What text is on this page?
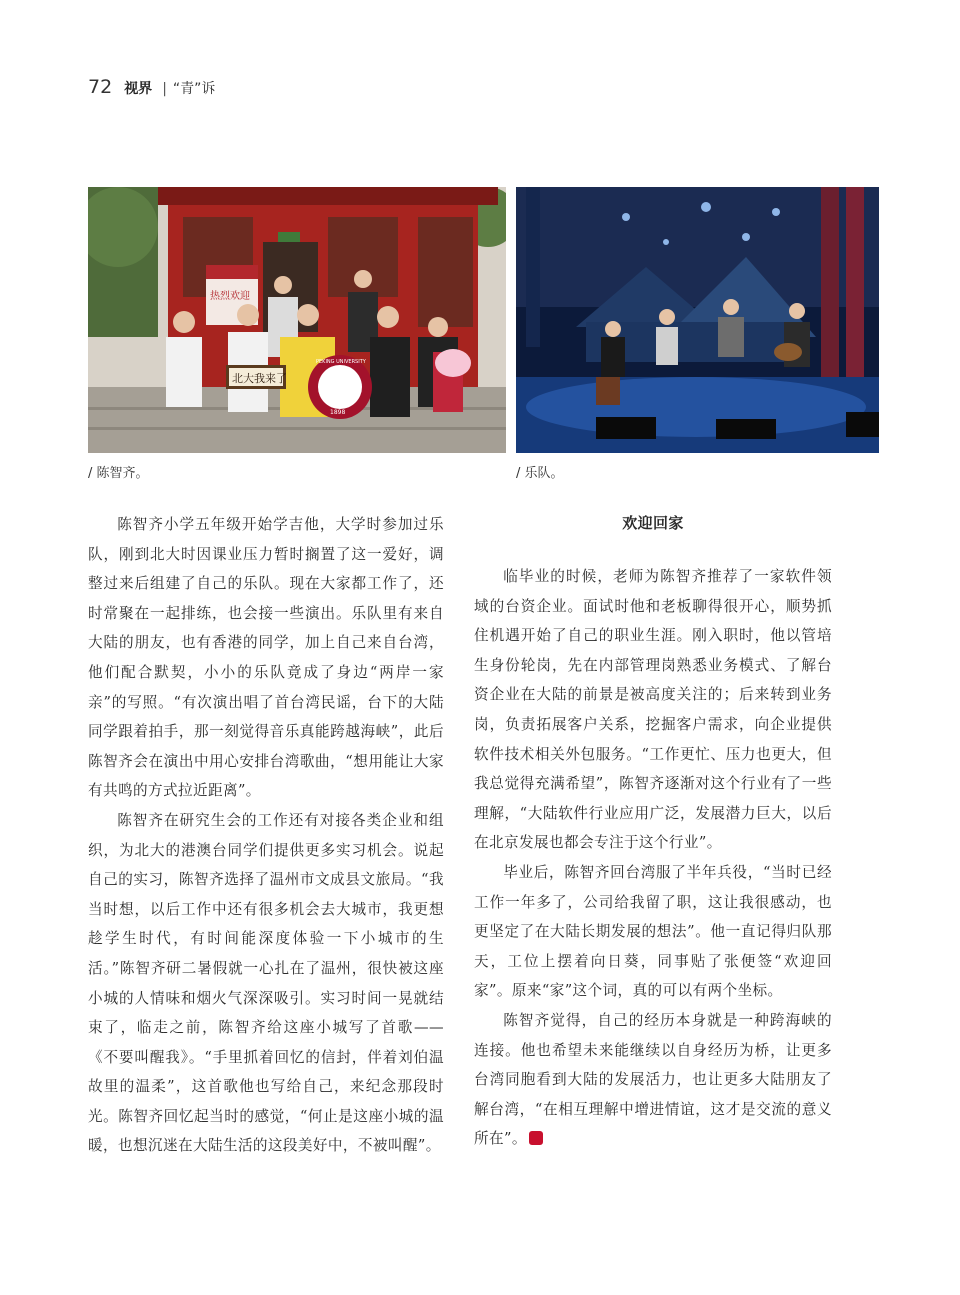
72 视界 | “青”诉
热烈欢迎
北大我来了
PEKING UNIVERSITY
1898
/ 陈智齐。	/ 乐队。

陈智齐小学五年级开始学吉他，大学时参加过乐队，刚到北大时因课业压力暂时搁置了这一爱好，调整过来后组建了自己的乐队。现在大家都工作了，还时常聚在一起排练，也会接一些演出。乐队里有来自大陆的朋友，也有香港的同学，加上自己来自台湾，他们配合默契，小小的乐队竟成了身边“两岸一家亲”的写照。“有次演出唱了首台湾民谣，台下的大陆同学跟着拍手，那一刻觉得音乐真能跨越海峡”，此后陈智齐会在演出中用心安排台湾歌曲，“想用能让大家有共鸣的方式拉近距离”。

陈智齐在研究生会的工作还有对接各类企业和组织，为北大的港澳台同学们提供更多实习机会。说起自己的实习，陈智齐选择了温州市文成县文旅局。“我当时想，以后工作中还有很多机会去大城市，我更想趁学生时代，有时间能深度体验一下小城市的生活。”陈智齐研二暑假就一心扎在了温州，很快被这座小城的人情味和烟火气深深吸引。实习时间一晃就结束了，临走之前，陈智齐给这座小城写了首歌——《不要叫醒我》。“手里抓着回忆的信封，伴着刘伯温故里的温柔”，这首歌他也写给自己，来纪念那段时光。陈智齐回忆起当时的感觉，“何止是这座小城的温暖，也想沉迷在大陆生活的这段美好中，不被叫醒”。

欢迎回家

临毕业的时候，老师为陈智齐推荐了一家软件领域的台资企业。面试时他和老板聊得很开心，顺势抓住机遇开始了自己的职业生涯。刚入职时，他以管培生身份轮岗，先在内部管理岗熟悉业务模式、了解台资企业在大陆的前景是被高度关注的；后来转到业务岗，负责拓展客户关系，挖掘客户需求，向企业提供软件技术相关外包服务。“工作更忙、压力也更大，但我总觉得充满希望”，陈智齐逐渐对这个行业有了一些理解，“大陆软件行业应用广泛，发展潜力巨大，以后在北京发展也都会专注于这个行业”。

毕业后，陈智齐回台湾服了半年兵役，“当时已经工作一年多了，公司给我留了职，这让我很感动，也更坚定了在大陆长期发展的想法”。他一直记得归队那天，工位上摆着向日葵，同事贴了张便签“欢迎回家”。原来“家”这个词，真的可以有两个坐标。

陈智齐觉得，自己的经历本身就是一种跨海峡的连接。他也希望未来能继续以自身经历为桥，让更多台湾同胞看到大陆的发展活力，也让更多大陆朋友了解台湾，“在相互理解中增进情谊，这才是交流的意义所在”。
